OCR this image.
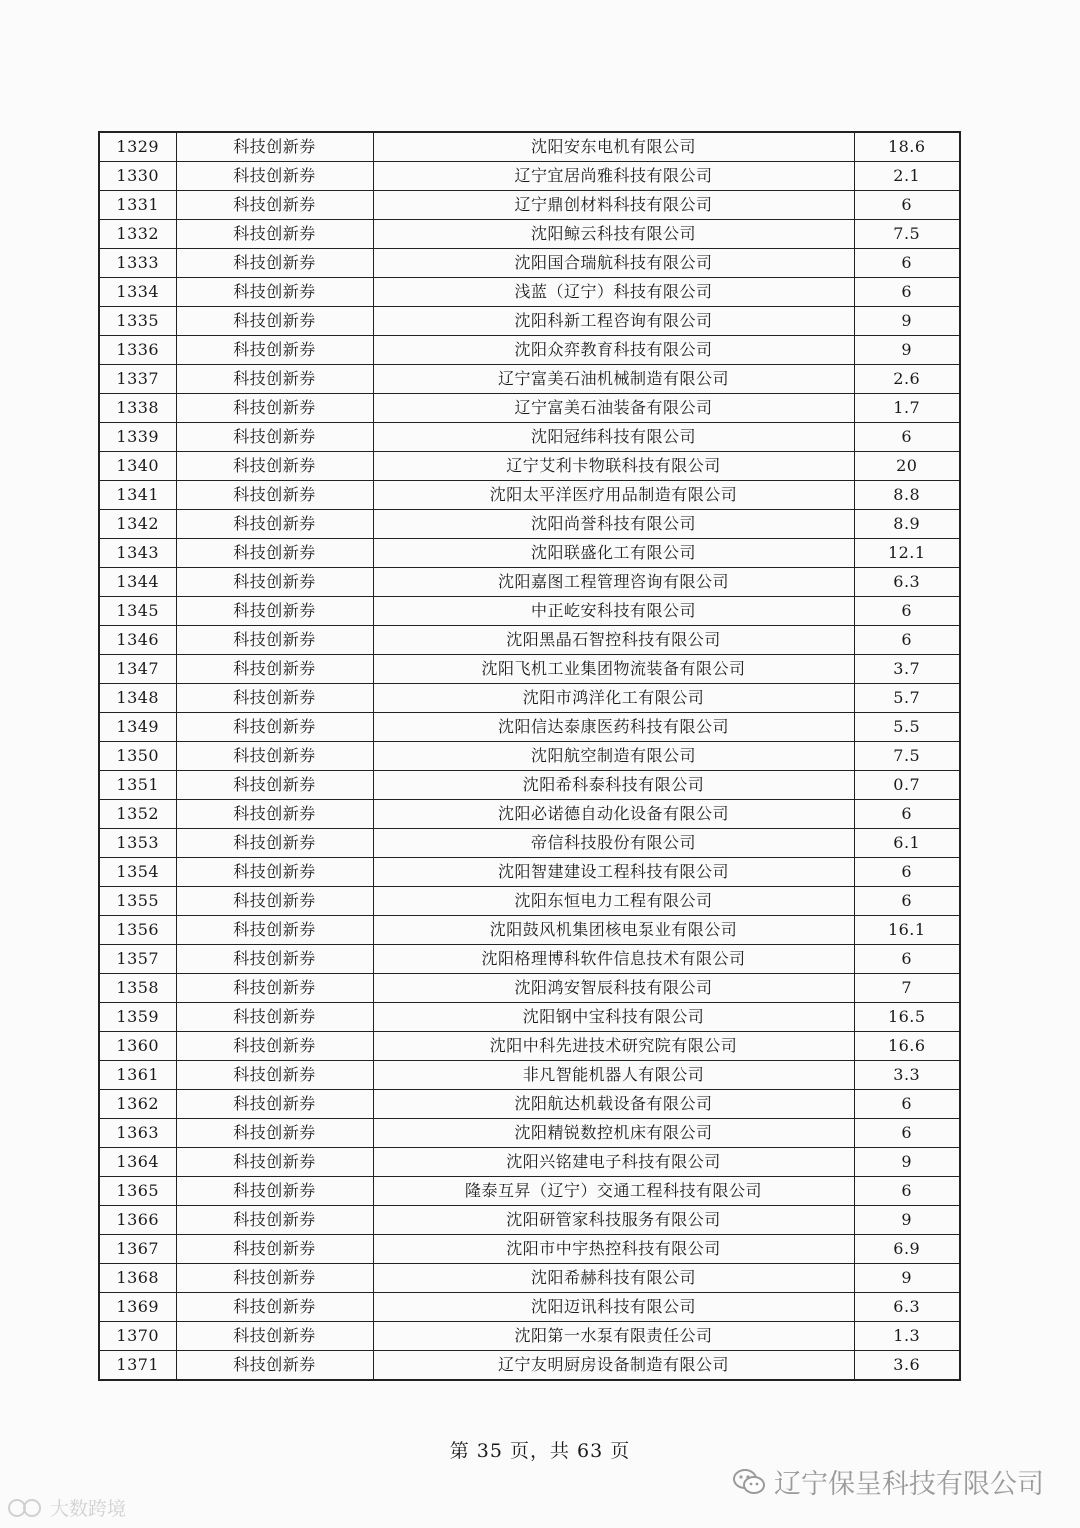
1329	科技创新券	沈阳安东电机有限公司	18.6
1330	科技创新券	辽宁宜居尚雅科技有限公司	2.1
1331	科技创新券	辽宁鼎创材料科技有限公司	6
1332	科技创新券	沈阳鲸云科技有限公司	7.5
1333	科技创新券	沈阳国合瑞航科技有限公司	6
1334	科技创新券	浅蓝（辽宁）科技有限公司	6
1335	科技创新券	沈阳科新工程咨询有限公司	9
1336	科技创新券	沈阳众弈教育科技有限公司	9
1337	科技创新券	辽宁富美石油机械制造有限公司	2.6
1338	科技创新券	辽宁富美石油装备有限公司	1.7
1339	科技创新券	沈阳冠纬科技有限公司	6
1340	科技创新券	辽宁艾利卡物联科技有限公司	20
1341	科技创新券	沈阳太平洋医疗用品制造有限公司	8.8
1342	科技创新券	沈阳尚誉科技有限公司	8.9
1343	科技创新券	沈阳联盛化工有限公司	12.1
1344	科技创新券	沈阳嘉图工程管理咨询有限公司	6.3
1345	科技创新券	中正屹安科技有限公司	6
1346	科技创新券	沈阳黑晶石智控科技有限公司	6
1347	科技创新券	沈阳飞机工业集团物流装备有限公司	3.7
1348	科技创新券	沈阳市鸿洋化工有限公司	5.7
1349	科技创新券	沈阳信达泰康医药科技有限公司	5.5
1350	科技创新券	沈阳航空制造有限公司	7.5
1351	科技创新券	沈阳希科泰科技有限公司	0.7
1352	科技创新券	沈阳必诺德自动化设备有限公司	6
1353	科技创新券	帝信科技股份有限公司	6.1
1354	科技创新券	沈阳智建建设工程科技有限公司	6
1355	科技创新券	沈阳东恒电力工程有限公司	6
1356	科技创新券	沈阳鼓风机集团核电泵业有限公司	16.1
1357	科技创新券	沈阳格理博科软件信息技术有限公司	6
1358	科技创新券	沈阳鸿安智辰科技有限公司	7
1359	科技创新券	沈阳钢中宝科技有限公司	16.5
1360	科技创新券	沈阳中科先进技术研究院有限公司	16.6
1361	科技创新券	非凡智能机器人有限公司	3.3
1362	科技创新券	沈阳航达机载设备有限公司	6
1363	科技创新券	沈阳精锐数控机床有限公司	6
1364	科技创新券	沈阳兴铭建电子科技有限公司	9
1365	科技创新券	隆泰互昇（辽宁）交通工程科技有限公司	6
1366	科技创新券	沈阳研管家科技服务有限公司	9
1367	科技创新券	沈阳市中宇热控科技有限公司	6.9
1368	科技创新券	沈阳希赫科技有限公司	9
1369	科技创新券	沈阳迈讯科技有限公司	6.3
1370	科技创新券	沈阳第一水泵有限责任公司	1.3
1371	科技创新券	辽宁友明厨房设备制造有限公司	3.6
第 35 页，共 63 页
辽宁保呈科技有限公司
大数跨境
